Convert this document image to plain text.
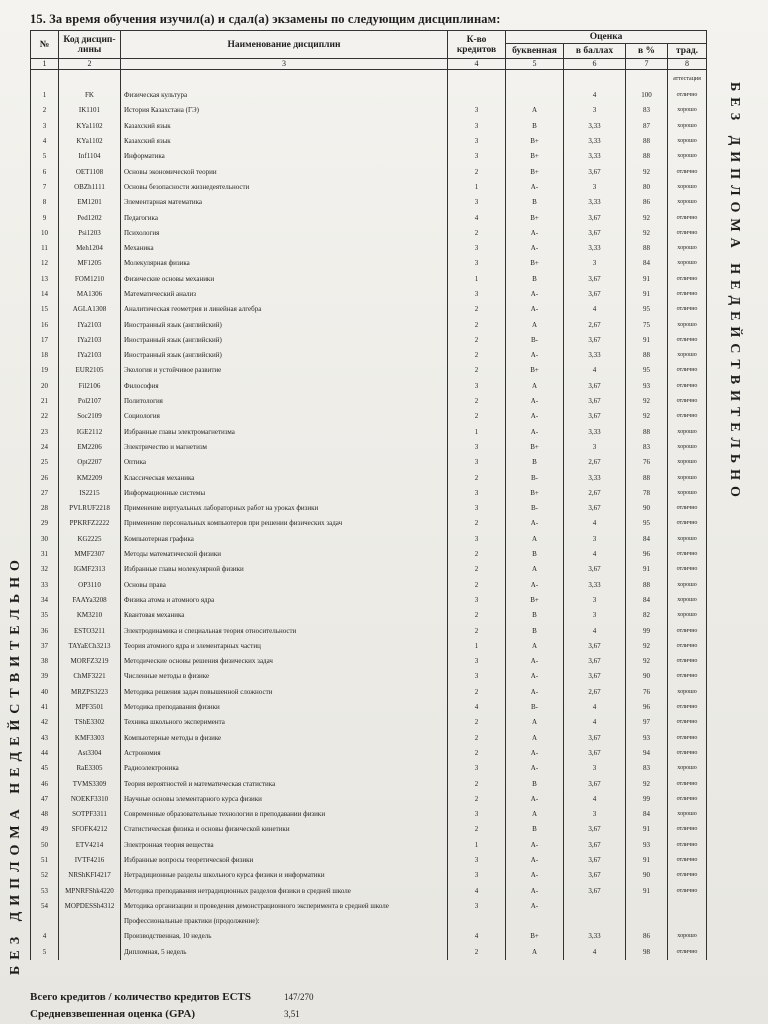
15. За время обучения изучил(а) и сдал(а) экзамены по следующим дисциплинам:
БЕЗ ДИПЛОМА НЕДЕЙСТВИТЕЛЬНО
БЕЗ ДИПЛОМА НЕДЕЙСТВИТЕЛЬНО
№	Код дисцип-лины	Наименование дисциплин	К-во кредитов	Оценка			
				буквенная	в баллах	в %	трад.
1	2	3	4	5	6	7	8
							аттестация
1	FK	Физическая культура			4	100	отлично
2	IK1101	История Казахстана (ГЭ)	3	A	3	83	хорошо
3	KYa1102	Казахский язык	3	B	3,33	87	хорошо
4	KYa1102	Казахский язык	3	B+	3,33	88	хорошо
5	Inf1104	Информатика	3	B+	3,33	88	хорошо
6	OET1108	Основы экономической теории	2	B+	3,67	92	отлично
7	OBZh1111	Основы безопасности жизнедеятельности	1	A-	3	80	хорошо
8	EM1201	Элементарная математика	3	B	3,33	86	хорошо
9	Ped1202	Педагогика	4	B+	3,67	92	отлично
10	Psi1203	Психология	2	A-	3,67	92	отлично
11	Meh1204	Механика	3	A-	3,33	88	хорошо
12	MF1205	Молекулярная физика	3	B+	3	84	хорошо
13	FOM1210	Физические основы механики	1	B	3,67	91	отлично
14	MA1306	Математический анализ	3	A-	3,67	91	отлично
15	AGLA1308	Аналитическая геометрия и линейная алгебра	2	A-	4	95	отлично
16	IYa2103	Иностранный язык (английский)	2	A	2,67	75	хорошо
17	IYa2103	Иностранный язык (английский)	2	B-	3,67	91	отлично
18	IYa2103	Иностранный язык (английский)	2	A-	3,33	88	хорошо
19	EUR2105	Экология и устойчивое развитие	2	B+	4	95	отлично
20	Fil2106	Философия	3	A	3,67	93	отлично
21	Pol2107	Политология	2	A-	3,67	92	отлично
22	Soc2109	Социология	2	A-	3,67	92	отлично
23	IGE2112	Избранные главы электромагнетизма	1	A-	3,33	88	хорошо
24	EM2206	Электричество и магнетизм	3	B+	3	83	хорошо
25	Opt2207	Оптика	3	B	2,67	76	хорошо
26	KM2209	Классическая механика	2	B-	3,33	88	хорошо
27	IS2215	Информационные системы	3	B+	2,67	78	хорошо
28	PVLRUF2218	Применение виртуальных лабораторных работ на уроках физики	3	B-	3,67	90	отлично
29	PPKRFZ2222	Применение персональных компьютеров при решении физических задач	2	A-	4	95	отлично
30	KG2225	Компьютерная графика	3	A	3	84	хорошо
31	MMF2307	Методы математической физики	2	B	4	96	отлично
32	IGMF2313	Избранные главы молекулярной физики	2	A	3,67	91	отлично
33	OP3110	Основы права	2	A-	3,33	88	хорошо
34	FAAYa3208	Физика атома и атомного ядра	3	B+	3	84	хорошо
35	KM3210	Квантовая механика	2	B	3	82	хорошо
36	ESTO3211	Электродинамика и специальная теория относительности	2	B	4	99	отлично
37	TAYaECh3213	Теория атомного ядра и элементарных частиц	1	A	3,67	92	отлично
38	MORFZ3219	Методические основы решения физических задач	3	A-	3,67	92	отлично
39	ChMF3221	Численные методы в физике	3	A-	3,67	90	отлично
40	MRZPS3223	Методика решения задач повышенной сложности	2	A-	2,67	76	хорошо
41	MPF3501	Методика преподавания физики	4	B-	4	96	отлично
42	TShE3302	Техника школьного эксперимента	2	A	4	97	отлично
43	KMF3303	Компьютерные методы в физике	2	A	3,67	93	отлично
44	Ast3304	Астрономия	2	A-	3,67	94	отлично
45	RaE3305	Радиоэлектроника	3	A-	3	83	хорошо
46	TVMS3309	Теория вероятностей и математическая статистика	2	B	3,67	92	отлично
47	NOEKF3310	Научные основы элементарного курса физики	2	A-	4	99	отлично
48	SOTPF3311	Современные образовательные технологии в преподавании физики	3	A	3	84	хорошо
49	SFOFK4212	Статистическая физика и основы физической кинетики	2	B	3,67	91	отлично
50	ETV4214	Электронная теория вещества	1	A-	3,67	93	отлично
51	IVTF4216	Избранные вопросы теоретической физики	3	A-	3,67	91	отлично
52	NRShKFI4217	Нетрадиционные разделы школьного курса физики и информатики	3	A-	3,67	90	отлично
53	MPNRFShk4220	Методика преподавания нетрадиционных разделов физики в средней школе	4	A-	3,67	91	отлично
54	MOPDESSh4312	Методика организации и проведения демонстрационного эксперимента в средней школе	3	A-			
		Профессиональные практики (продолжение):					
4		Производственная, 10 недель	4	B+	3,33	86	хорошо
5		Дипломная, 5 недель	2	A	4	98	отлично
Всего кредитов / количество кредитов ECTS	147/270
Средневзвешенная оценка (GPA)	3,51
